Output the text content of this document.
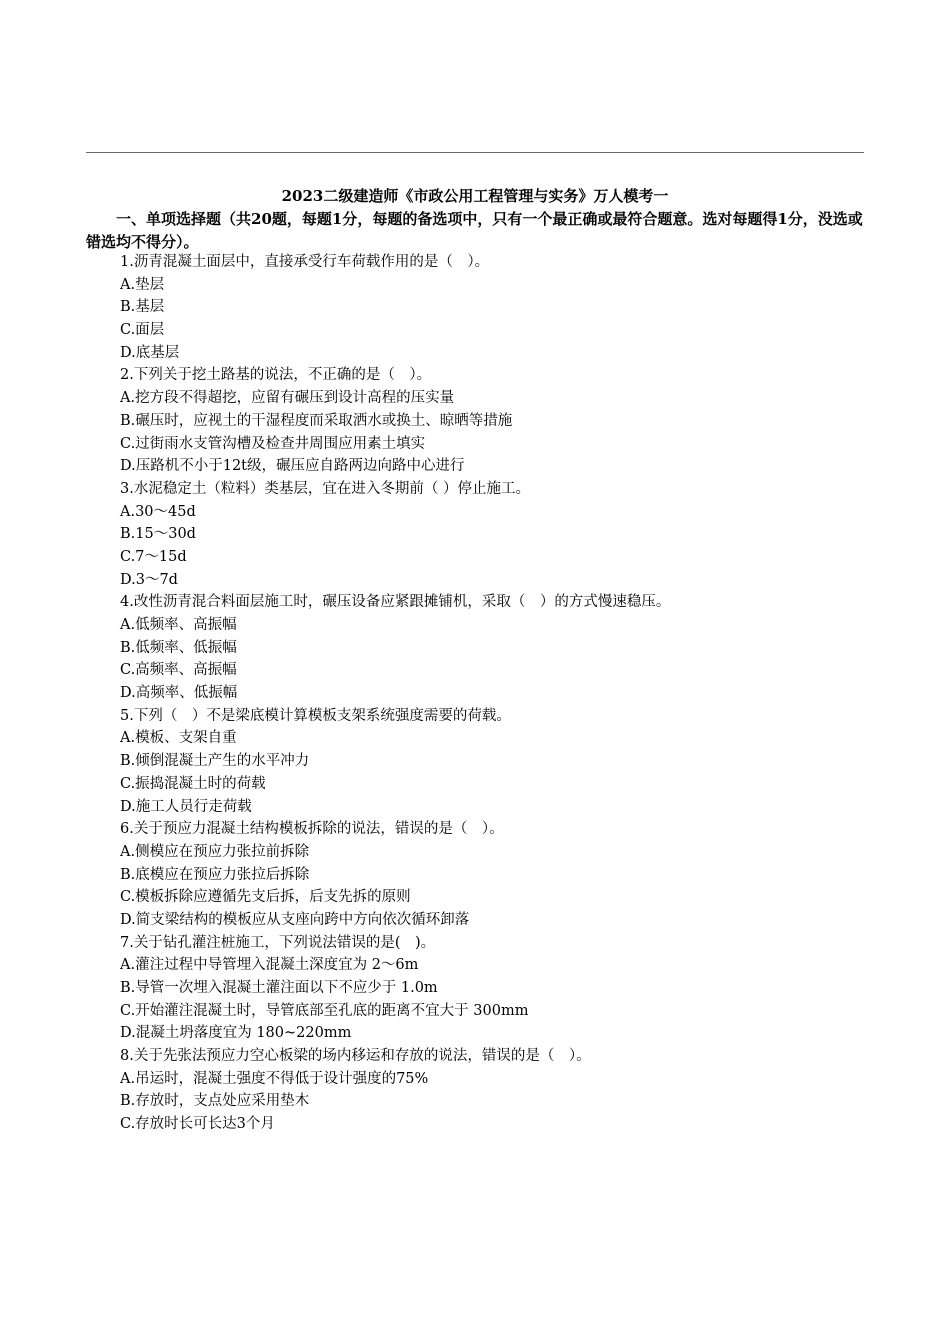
2023二级建造师《市政公用工程管理与实务》万人模考一
一、单项选择题（共20题，每题1分，每题的备选项中，只有一个最正确或最符合题意。选对每题得1分，没选或错选均不得分）。
1.沥青混凝土面层中，直接承受行车荷载作用的是（　）。
A.垫层
B.基层
C.面层
D.底基层
2.下列关于挖土路基的说法，不正确的是（　）。
A.挖方段不得超挖，应留有碾压到设计高程的压实量
B.碾压时，应视土的干湿程度而采取洒水或换土、晾晒等措施
C.过街雨水支管沟槽及检查井周围应用素土填实
D.压路机不小于12t级，碾压应自路两边向路中心进行
3.水泥稳定土（粒料）类基层，宜在进入冬期前（ ）停止施工。
A.30～45d
B.15～30d
C.7～15d
D.3～7d
4.改性沥青混合料面层施工时，碾压设备应紧跟摊铺机，采取（　）的方式慢速稳压。
A.低频率、高振幅
B.低频率、低振幅
C.高频率、高振幅
D.高频率、低振幅
5.下列（　）不是梁底模计算模板支架系统强度需要的荷载。
A.模板、支架自重
B.倾倒混凝土产生的水平冲力
C.振捣混凝土时的荷载
D.施工人员行走荷载
6.关于预应力混凝土结构模板拆除的说法，错误的是（　）。
A.侧模应在预应力张拉前拆除
B.底模应在预应力张拉后拆除
C.模板拆除应遵循先支后拆，后支先拆的原则
D.简支梁结构的模板应从支座向跨中方向依次循环卸落
7.关于钻孔灌注桩施工，下列说法错误的是(　)。
A.灌注过程中导管埋入混凝土深度宜为 2～6m
B.导管一次埋入混凝土灌注面以下不应少于 1.0m
C.开始灌注混凝土时，导管底部至孔底的距离不宜大于 300mm
D.混凝土坍落度宜为 180~220mm
8.关于先张法预应力空心板梁的场内移运和存放的说法，错误的是（　）。
A.吊运时，混凝土强度不得低于设计强度的75%
B.存放时，支点处应采用垫木
C.存放时长可长达3个月
